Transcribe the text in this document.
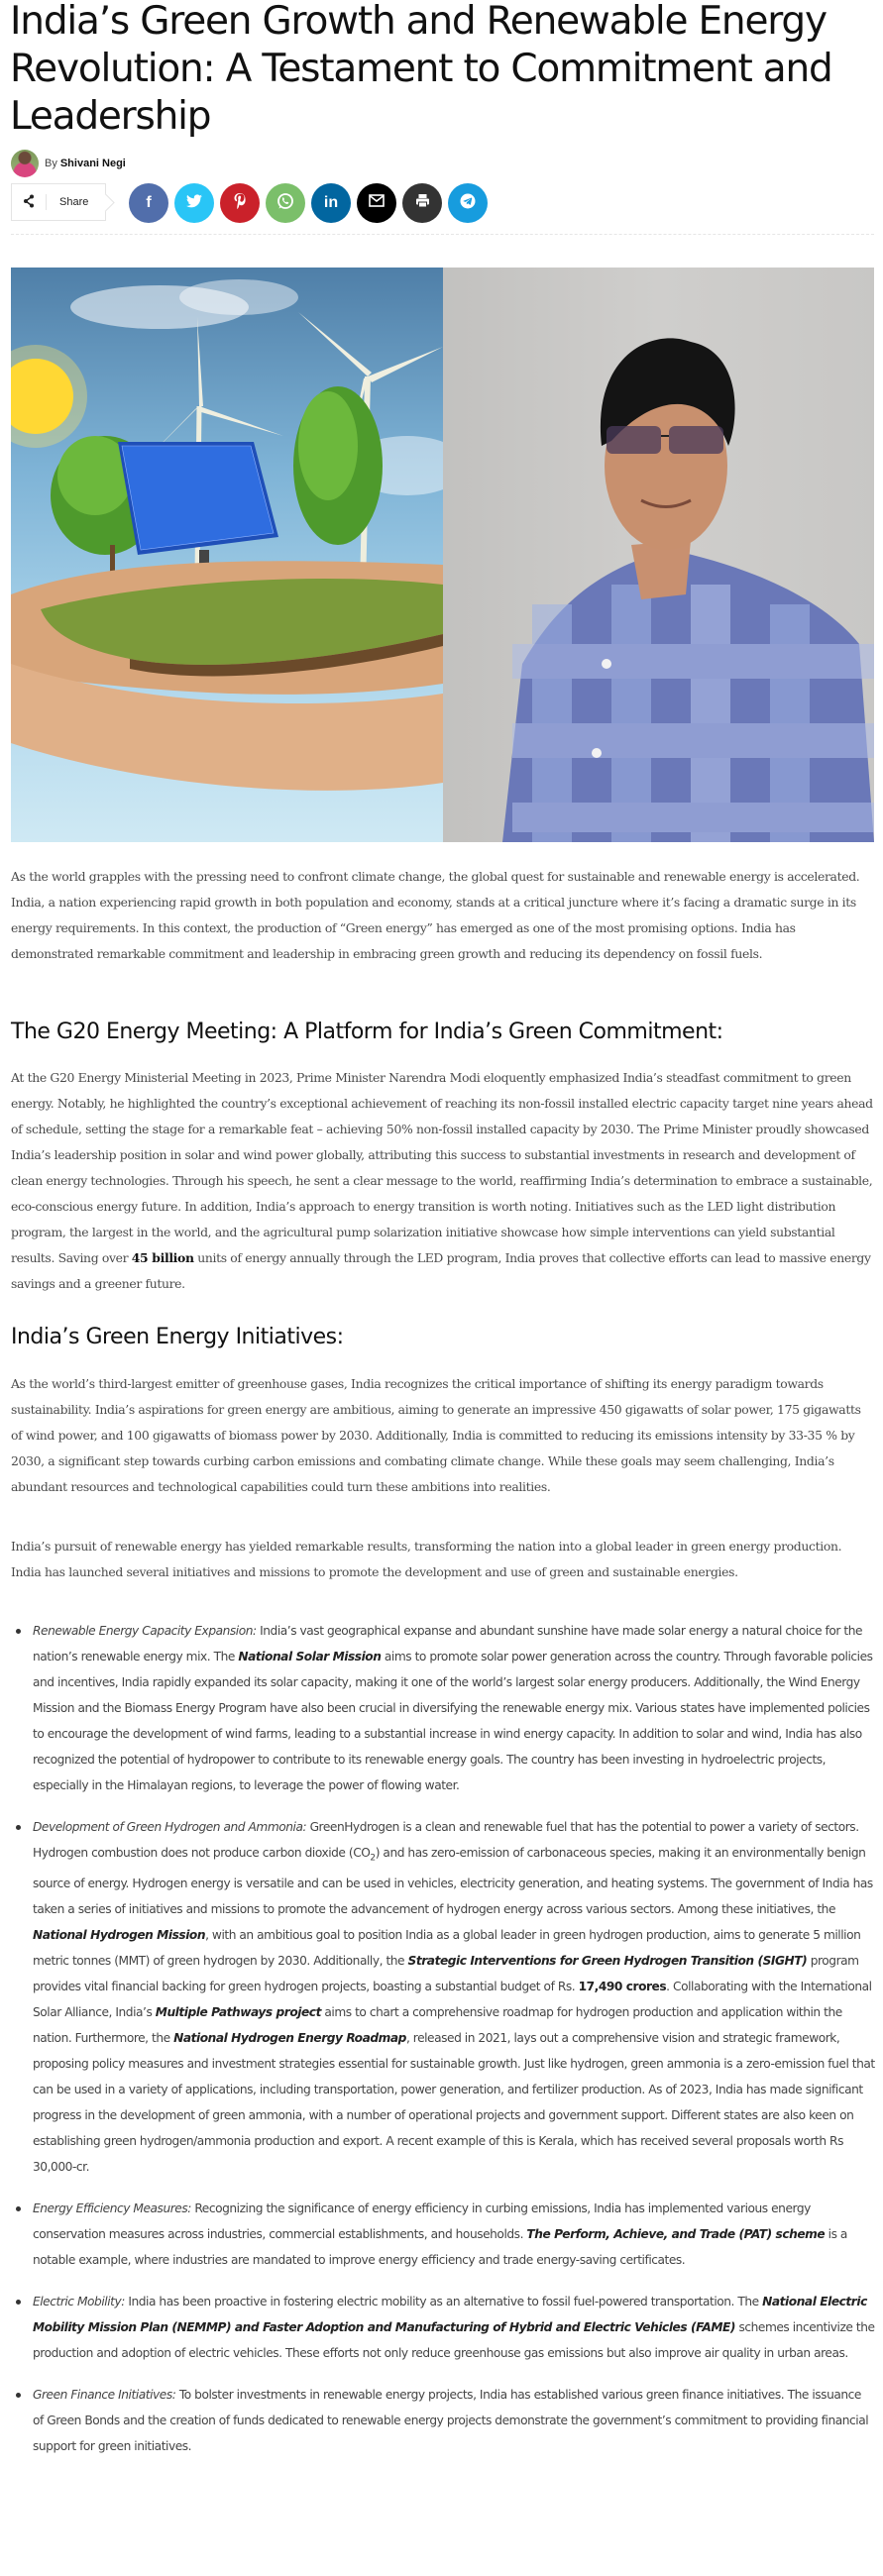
India’s Green Growth and Renewable Energy Revolution: A Testament to Commitment and Leadership
By Shivani Negi
Share	f	in

As the world grapples with the pressing need to confront climate change, the global quest for sustainable and renewable energy is accelerated. India, a nation experiencing rapid growth in both population and economy, stands at a critical juncture where it’s facing a dramatic surge in its energy requirements. In this context, the production of “Green energy” has emerged as one of the most promising options. India has demonstrated remarkable commitment and leadership in embracing green growth and reducing its dependency on fossil fuels.

The G20 Energy Meeting: A Platform for India’s Green Commitment:

At the G20 Energy Ministerial Meeting in 2023, Prime Minister Narendra Modi eloquently emphasized India’s steadfast commitment to green energy. Notably, he highlighted the country’s exceptional achievement of reaching its non-fossil installed electric capacity target nine years ahead of schedule, setting the stage for a remarkable feat – achieving 50% non-fossil installed capacity by 2030. The Prime Minister proudly showcased India’s leadership position in solar and wind power globally, attributing this success to substantial investments in research and development of clean energy technologies. Through his speech, he sent a clear message to the world, reaffirming India’s determination to embrace a sustainable, eco-conscious energy future. In addition, India’s approach to energy transition is worth noting. Initiatives such as the LED light distribution program, the largest in the world, and the agricultural pump solarization initiative showcase how simple interventions can yield substantial results. Saving over 45 billion units of energy annually through the LED program, India proves that collective efforts can lead to massive energy savings and a greener future.

India’s Green Energy Initiatives:

As the world’s third-largest emitter of greenhouse gases, India recognizes the critical importance of shifting its energy paradigm towards sustainability. India’s aspirations for green energy are ambitious, aiming to generate an impressive 450 gigawatts of solar power, 175 gigawatts of wind power, and 100 gigawatts of biomass power by 2030. Additionally, India is committed to reducing its emissions intensity by 33-35 % by 2030, a significant step towards curbing carbon emissions and combating climate change. While these goals may seem challenging, India’s abundant resources and technological capabilities could turn these ambitions into realities.

India’s pursuit of renewable energy has yielded remarkable results, transforming the nation into a global leader in green energy production. India has launched several initiatives and missions to promote the development and use of green and sustainable energies.

Renewable Energy Capacity Expansion: India’s vast geographical expanse and abundant sunshine have made solar energy a natural choice for the nation’s renewable energy mix. The National Solar Mission aims to promote solar power generation across the country. Through favorable policies and incentives, India rapidly expanded its solar capacity, making it one of the world’s largest solar energy producers. Additionally, the Wind Energy Mission and the Biomass Energy Program have also been crucial in diversifying the renewable energy mix. Various states have implemented policies to encourage the development of wind farms, leading to a substantial increase in wind energy capacity. In addition to solar and wind, India has also recognized the potential of hydropower to contribute to its renewable energy goals. The country has been investing in hydroelectric projects, especially in the Himalayan regions, to leverage the power of flowing water.
Development of Green Hydrogen and Ammonia: GreenHydrogen is a clean and renewable fuel that has the potential to power a variety of sectors. Hydrogen combustion does not produce carbon dioxide $(CO_2)$ and has zero-emission of carbonaceous species, making it an environmentally benign source of energy. Hydrogen energy is versatile and can be used in vehicles, electricity generation, and heating systems. The government of India has taken a series of initiatives and missions to promote the advancement of hydrogen energy across various sectors. Among these initiatives, the National Hydrogen Mission, with an ambitious goal to position India as a global leader in green hydrogen production, aims to generate 5 million metric tonnes (MMT) of green hydrogen by 2030. Additionally, the Strategic Interventions for Green Hydrogen Transition (SIGHT) program provides vital financial backing for green hydrogen projects, boasting a substantial budget of Rs. 17,490 crores. Collaborating with the International Solar Alliance, India’s Multiple Pathways project aims to chart a comprehensive roadmap for hydrogen production and application within the nation. Furthermore, the National Hydrogen Energy Roadmap, released in 2021, lays out a comprehensive vision and strategic framework, proposing policy measures and investment strategies essential for sustainable growth. Just like hydrogen, green ammonia is a zero-emission fuel that can be used in a variety of applications, including transportation, power generation, and fertilizer production. As of 2023, India has made significant progress in the development of green ammonia, with a number of operational projects and government support. Different states are also keen on establishing green hydrogen/ammonia production and export. A recent example of this is Kerala, which has received several proposals worth Rs 30,000-cr.
Energy Efficiency Measures: Recognizing the significance of energy efficiency in curbing emissions, India has implemented various energy conservation measures across industries, commercial establishments, and households. The Perform, Achieve, and Trade (PAT) scheme is a notable example, where industries are mandated to improve energy efficiency and trade energy-saving certificates.
Electric Mobility: India has been proactive in fostering electric mobility as an alternative to fossil fuel-powered transportation. The National Electric Mobility Mission Plan (NEMMP) and Faster Adoption and Manufacturing of Hybrid and Electric Vehicles (FAME) schemes incentivize the production and adoption of electric vehicles. These efforts not only reduce greenhouse gas emissions but also improve air quality in urban areas.
Green Finance Initiatives: To bolster investments in renewable energy projects, India has established various green finance initiatives. The issuance of Green Bonds and the creation of funds dedicated to renewable energy projects demonstrate the government’s commitment to providing financial support for green initiatives.
